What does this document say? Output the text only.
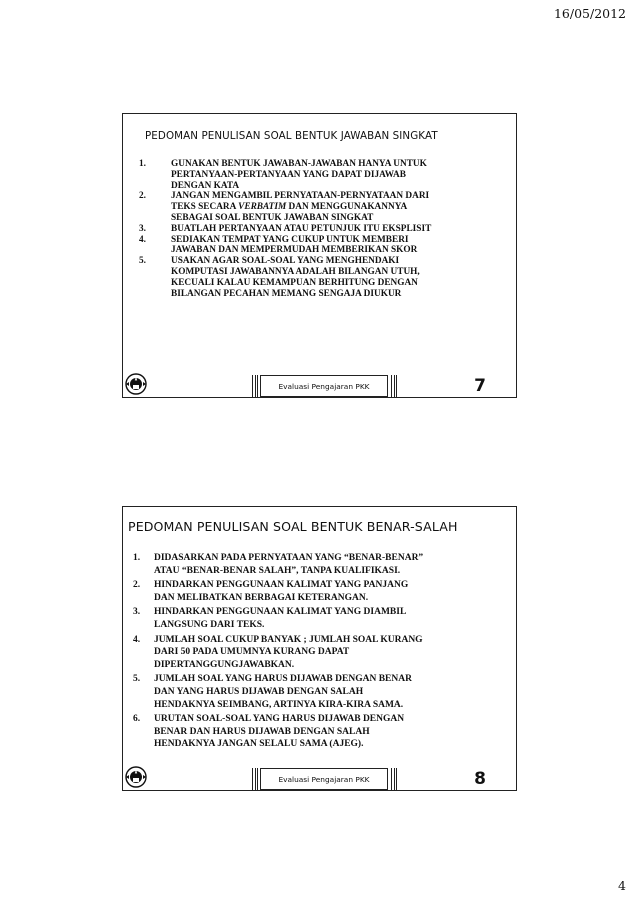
16/05/2012
PEDOMAN PENULISAN SOAL BENTUK JAWABAN SINGKAT
1.	GUNAKAN BENTUK JAWABAN-JAWABAN HANYA UNTUK
PERTANYAAN-PERTANYAAN YANG DAPAT DIJAWAB
DENGAN KATA
2.	JANGAN MENGAMBIL PERNYATAAN-PERNYATAAN DARI
TEKS SECARA VERBATIM DAN MENGGUNAKANNYA
SEBAGAI SOAL BENTUK JAWABAN SINGKAT
3.	BUATLAH PERTANYAAN ATAU PETUNJUK ITU EKSPLISIT
4.	SEDIAKAN TEMPAT YANG CUKUP UNTUK MEMBERI
JAWABAN DAN MEMPERMUDAH MEMBERIKAN SKOR
5.	USAKAN AGAR SOAL-SOAL YANG MENGHENDAKI
KOMPUTASI JAWABANNYA ADALAH BILANGAN UTUH,
KECUALI KALAU KEMAMPUAN BERHITUNG DENGAN
BILANGAN PECAHAN MEMANG SENGAJA DIUKUR
Evaluasi Pengajaran PKK	7
PEDOMAN PENULISAN SOAL BENTUK BENAR-SALAH
1.	DIDASARKAN PADA PERNYATAAN YANG “BENAR-BENAR”
ATAU “BENAR-BENAR SALAH”, TANPA KUALIFIKASI.
2.	HINDARKAN PENGGUNAAN KALIMAT YANG PANJANG
DAN MELIBATKAN BERBAGAI KETERANGAN.
3.	HINDARKAN PENGGUNAAN KALIMAT YANG DIAMBIL
LANGSUNG DARI TEKS.
4.	JUMLAH SOAL CUKUP BANYAK ; JUMLAH SOAL KURANG
DARI 50 PADA UMUMNYA KURANG DAPAT
DIPERTANGGUNGJAWABKAN.
5.	JUMLAH SOAL YANG HARUS DIJAWAB DENGAN BENAR
DAN YANG HARUS DIJAWAB DENGAN SALAH
HENDAKNYA SEIMBANG, ARTINYA KIRA-KIRA SAMA.
6.	URUTAN SOAL-SOAL YANG HARUS DIJAWAB DENGAN
BENAR DAN HARUS DIJAWAB DENGAN SALAH
HENDAKNYA JANGAN SELALU SAMA (AJEG).
Evaluasi Pengajaran PKK	8
4
